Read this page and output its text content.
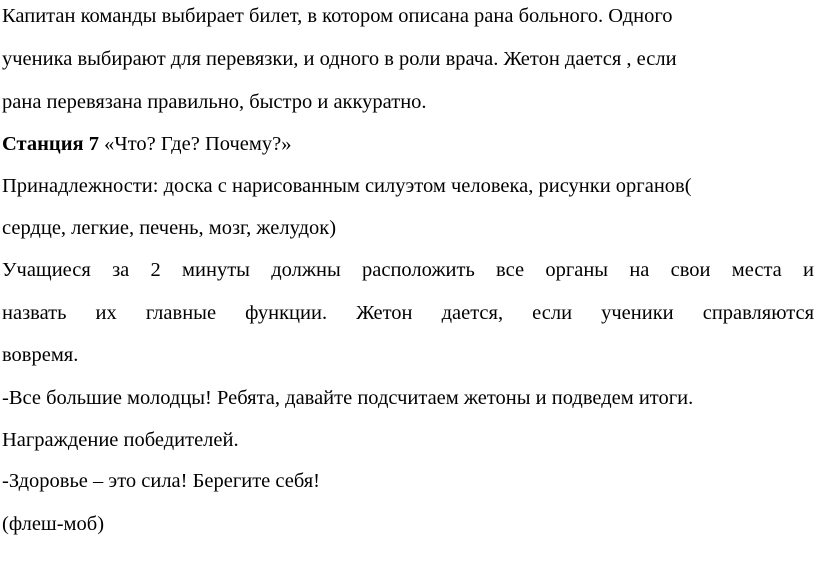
Капитан команды выбирает билет, в котором описана рана больного. Одного
ученика выбирают для перевязки, и одного в роли врача. Жетон дается , если
рана перевязана правильно, быстро и аккуратно.
Станция 7 «Что? Где? Почему?»
Принадлежности: доска с нарисованным силуэтом человека, рисунки органов(
сердце, легкие, печень, мозг, желудок)
Учащиеся за 2 минуты должны расположить все органы на свои места и
назвать их главные функции. Жетон дается, если ученики справляются
вовремя.
-Все большие молодцы! Ребята, давайте подсчитаем жетоны и подведем итоги.
Награждение победителей.
-Здоровье – это сила! Берегите себя!
(флеш-моб)
